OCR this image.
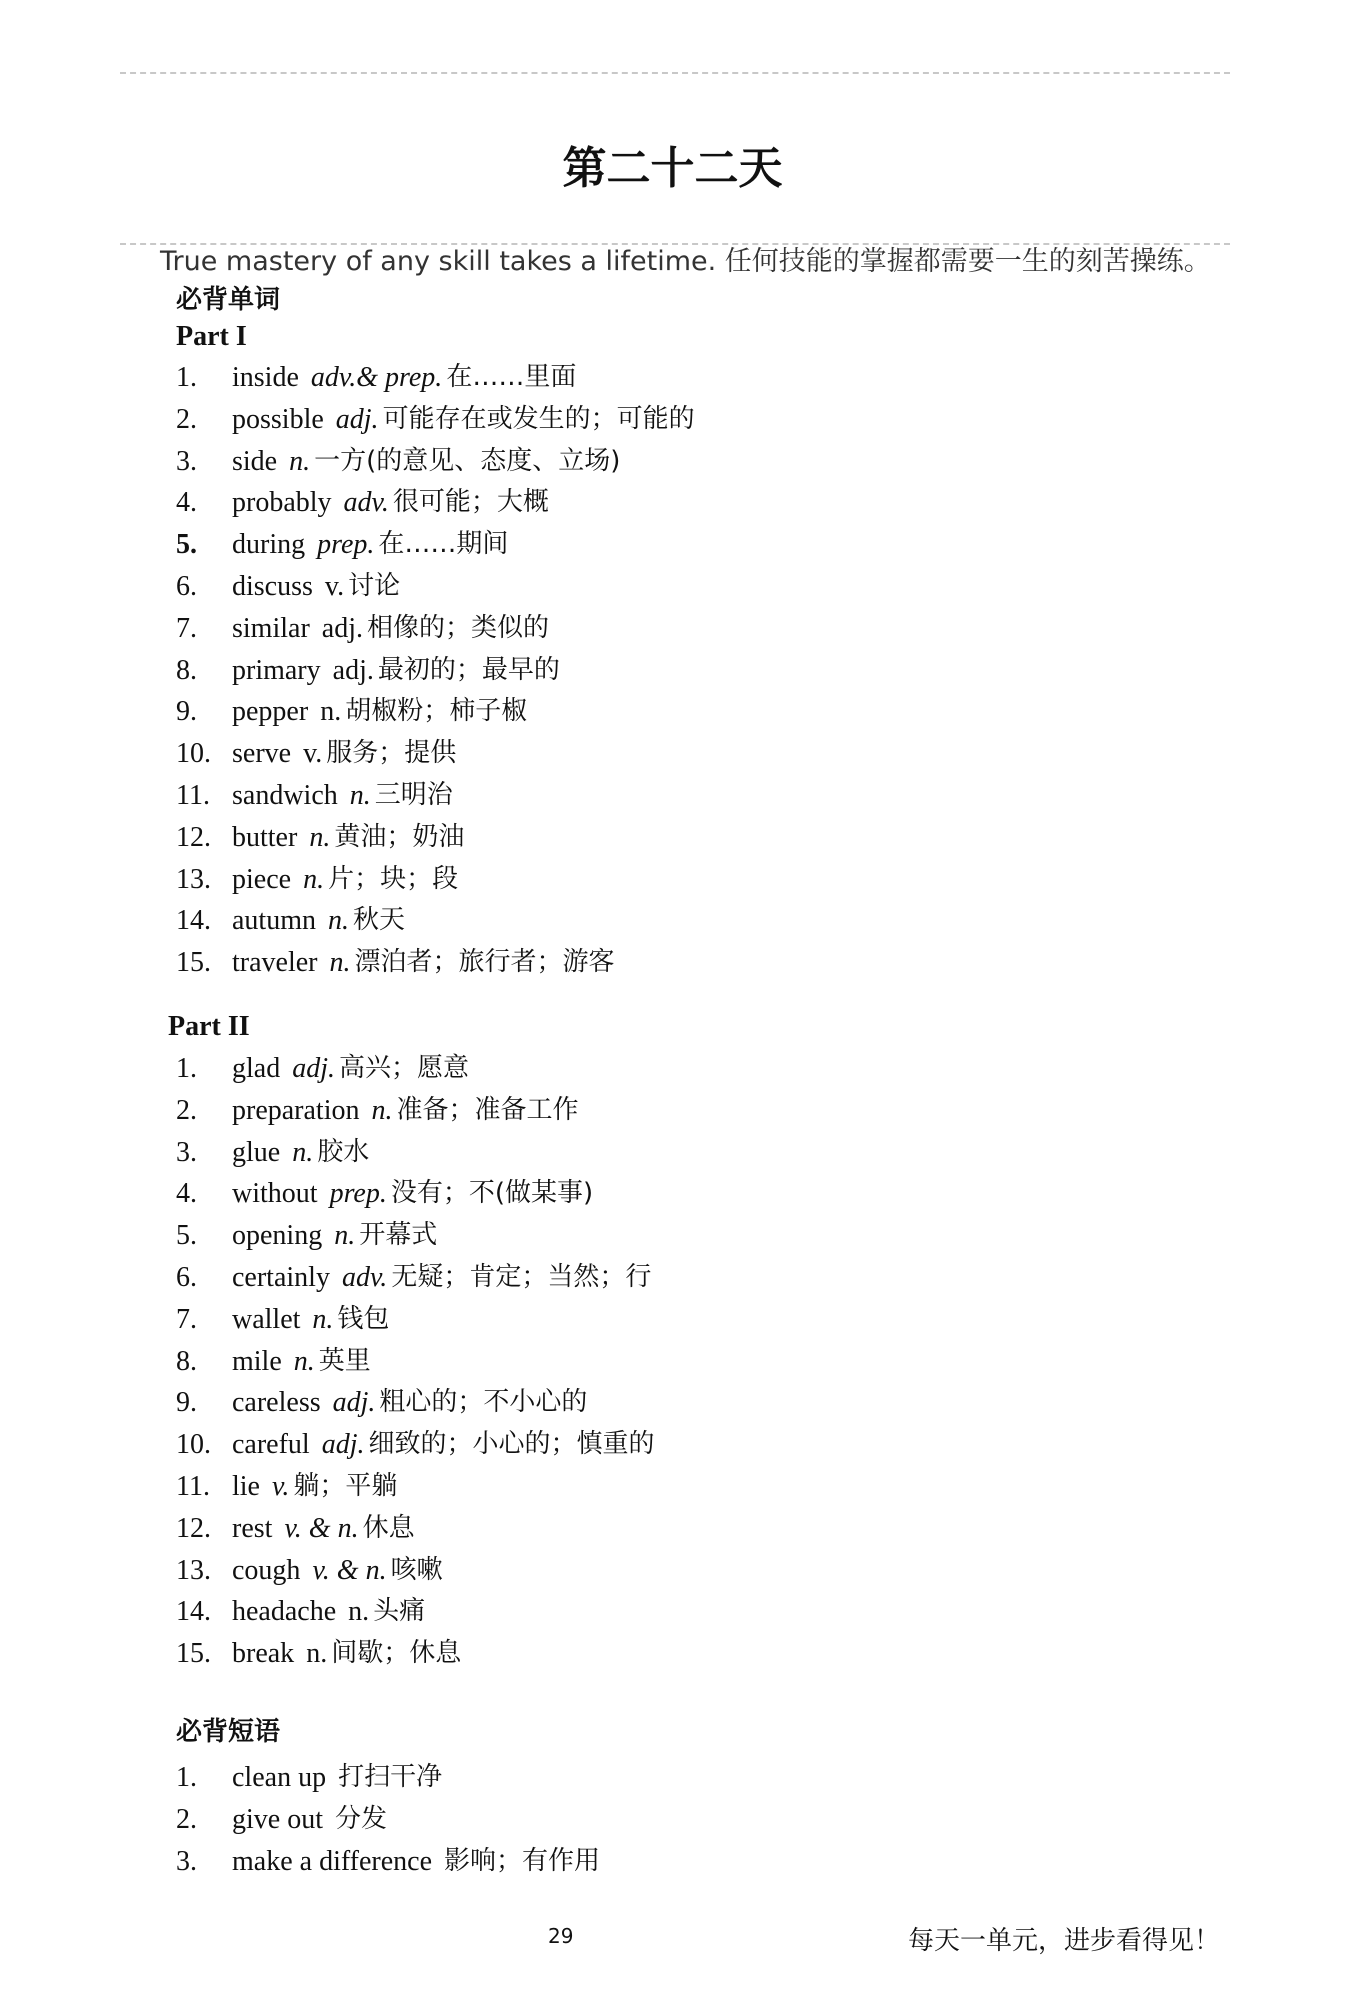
第二十二天
True mastery of any skill takes a lifetime. 任何技能的掌握都需要一生的刻苦操练。
必背单词
Part I
1.	inside adv.& prep. 在……里面
2.	possible adj. 可能存在或发生的；可能的
3.	side n. 一方(的意见、态度、立场)
4.	probably adv. 很可能；大概
5.	during prep. 在……期间
6.	discuss v. 讨论
7.	similar adj. 相像的；类似的
8.	primary adj. 最初的；最早的
9.	pepper n. 胡椒粉；柿子椒
10. serve v. 服务；提供
11. sandwich n. 三明治
12. butter n. 黄油；奶油
13. piece n. 片；块；段
14. autumn n. 秋天
15. traveler n. 漂泊者；旅行者；游客
Part II
1.	glad adj. 高兴；愿意
2.	preparation n. 准备；准备工作
3.	glue n. 胶水
4.	without prep. 没有；不(做某事)
5.	opening n. 开幕式
6.	certainly adv. 无疑；肯定；当然；行
7.	wallet n. 钱包
8.	mile n. 英里
9.	careless adj. 粗心的；不小心的
10. careful adj. 细致的；小心的；慎重的
11. lie v. 躺；平躺
12. rest v. & n. 休息
13. cough v. & n. 咳嗽
14. headache n. 头痛
15. break n. 间歇；休息
必背短语
1.	clean up 打扫干净
2.	give out 分发
3.	make a difference 影响；有作用
29	每天一单元，进步看得见！
